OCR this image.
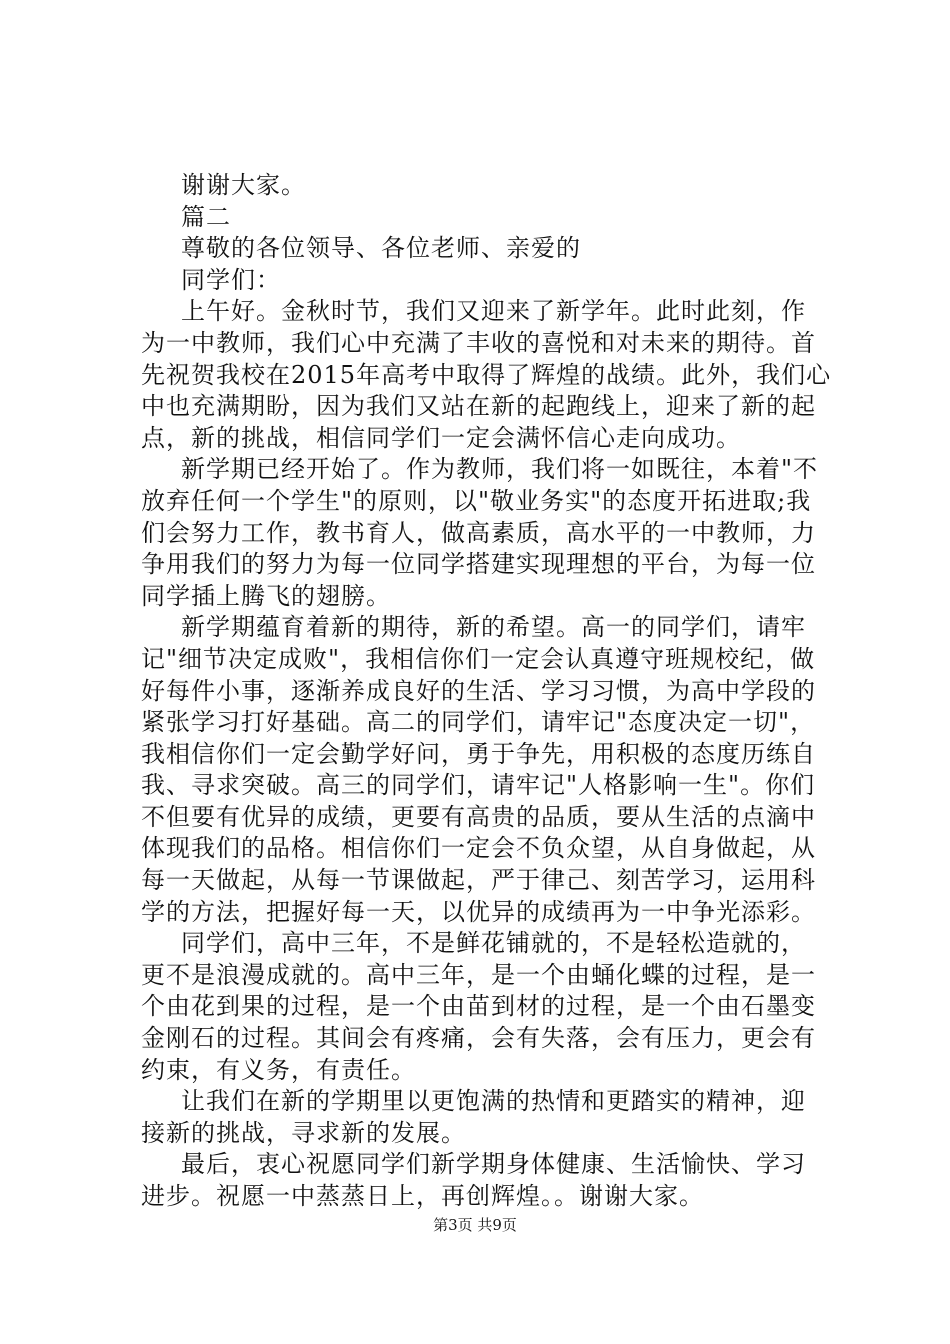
谢谢大家。
篇二
尊敬的各位领导、各位老师、亲爱的
同学们：
上午好。金秋时节，我们又迎来了新学年。此时此刻，作
为一中教师，我们心中充满了丰收的喜悦和对未来的期待。首
先祝贺我校在2015年高考中取得了辉煌的战绩。此外，我们心
中也充满期盼，因为我们又站在新的起跑线上，迎来了新的起
点，新的挑战，相信同学们一定会满怀信心走向成功。
新学期已经开始了。作为教师，我们将一如既往，本着"不
放弃任何一个学生"的原则，以"敬业务实"的态度开拓进取;我
们会努力工作，教书育人，做高素质，高水平的一中教师，力
争用我们的努力为每一位同学搭建实现理想的平台，为每一位
同学插上腾飞的翅膀。
新学期蕴育着新的期待，新的希望。高一的同学们，请牢
记"细节决定成败"，我相信你们一定会认真遵守班规校纪，做
好每件小事，逐渐养成良好的生活、学习习惯，为高中学段的
紧张学习打好基础。高二的同学们，请牢记"态度决定一切"，
我相信你们一定会勤学好问，勇于争先，用积极的态度历练自
我、寻求突破。高三的同学们，请牢记"人格影响一生"。你们
不但要有优异的成绩，更要有高贵的品质，要从生活的点滴中
体现我们的品格。相信你们一定会不负众望，从自身做起，从
每一天做起，从每一节课做起，严于律己、刻苦学习，运用科
学的方法，把握好每一天，以优异的成绩再为一中争光添彩。
同学们，高中三年，不是鲜花铺就的，不是轻松造就的，
更不是浪漫成就的。高中三年，是一个由蛹化蝶的过程，是一
个由花到果的过程，是一个由苗到材的过程，是一个由石墨变
金刚石的过程。其间会有疼痛，会有失落，会有压力，更会有
约束，有义务，有责任。
让我们在新的学期里以更饱满的热情和更踏实的精神，迎
接新的挑战，寻求新的发展。
最后，衷心祝愿同学们新学期身体健康、生活愉快、学习
进步。祝愿一中蒸蒸日上，再创辉煌。。谢谢大家。
第3页 共9页
